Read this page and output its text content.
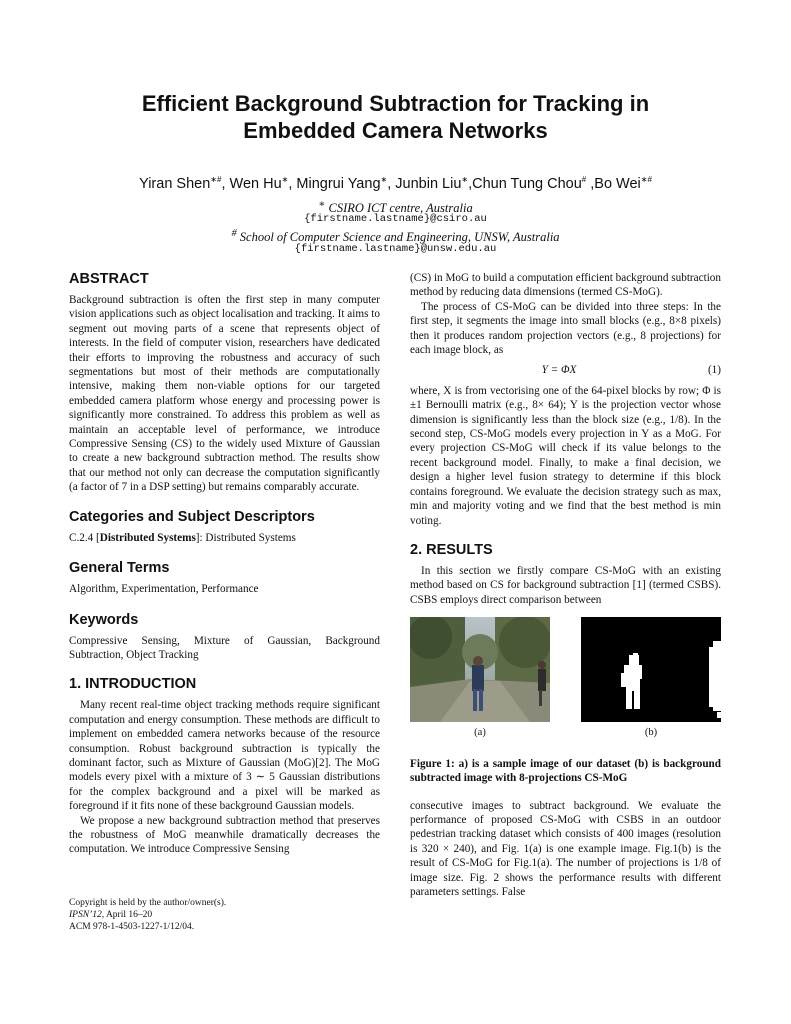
Efficient Background Subtraction for Tracking in
Embedded Camera Networks
Yiran Shen∗#, Wen Hu∗, Mingrui Yang∗, Junbin Liu∗,Chun Tung Chou# ,Bo Wei∗#
∗ CSIRO ICT centre, Australia
{firstname.lastname}@csiro.au
# School of Computer Science and Engineering, UNSW, Australia
{firstname.lastname}@unsw.edu.au
ABSTRACT

Background subtraction is often the first step in many computer vision applications such as object localisation and tracking. It aims to segment out moving parts of a scene that represents object of interests. In the field of computer vision, researchers have dedicated their efforts to improving the robustness and accuracy of such segmentations but most of their methods are computationally intensive, making them non-viable options for our targeted embedded camera platform whose energy and processing power is significantly more constrained. To address this problem as well as maintain an acceptable level of performance, we introduce Compressive Sensing (CS) to the widely used Mixture of Gaussian to create a new background subtraction method. The results show that our method not only can decrease the computation significantly (a factor of 7 in a DSP setting) but remains comparably accurate.

Categories and Subject Descriptors

C.2.4 [Distributed Systems]: Distributed Systems

General Terms

Algorithm, Experimentation, Performance

Keywords

Compressive Sensing, Mixture of Gaussian, Background Subtraction, Object Tracking

1. INTRODUCTION

Many recent real-time object tracking methods require significant computation and energy consumption. These methods are difficult to implement on embedded camera networks because of the resource consumption. Robust background subtraction is typically the dominant factor, such as Mixture of Gaussian (MoG)[2]. The MoG models every pixel with a mixture of 3 ∼ 5 Gaussian distributions for the complex background and a pixel will be marked as foreground if it fits none of these background Gaussian models.

We propose a new background subtraction method that preserves the robustness of MoG meanwhile dramatically decreases the computation. We introduce Compressive Sensing

Copyright is held by the author/owner(s).
IPSN’12, April 16–20
ACM 978-1-4503-1227-1/12/04.

(CS) in MoG to build a computation efficient background subtraction method by reducing data dimensions (termed CS-MoG).

The process of CS-MoG can be divided into three steps: In the first step, it segments the image into small blocks (e.g., 8×8 pixels) then it produces random projection vectors (e.g., 8 projections) for each image block, as

Y = ΦX	(1)

where, X is from vectorising one of the 64-pixel blocks by row; Φ is ±1 Bernoulli matrix (e.g., 8× 64); Y is the projection vector whose dimension is significantly less than the block size (e.g., 1/8). In the second step, CS-MoG models every projection in Y as a MoG. For every projection CS-MoG will check if its value belongs to the recent background model. Finally, to make a final decision, we design a higher level fusion strategy to determine if this block contains foreground. We evaluate the decision strategy such as max, min and majority voting and we find that the best method is min voting.

2. RESULTS

In this section we firstly compare CS-MoG with an existing method based on CS for background subtraction [1] (termed CSBS). CSBS employs direct comparison between

(a)	(b)

Figure 1: a) is a sample image of our dataset (b) is background subtracted image with 8-projections CS-MoG

consecutive images to subtract background. We evaluate the performance of proposed CS-MoG with CSBS in an outdoor pedestrian tracking dataset which consists of 400 images (resolution is 320 × 240), and Fig. 1(a) is one example image. Fig.1(b) is the result of CS-MoG for Fig.1(a). The number of projections is 1/8 of image size. Fig. 2 shows the performance results with different parameters settings. False
